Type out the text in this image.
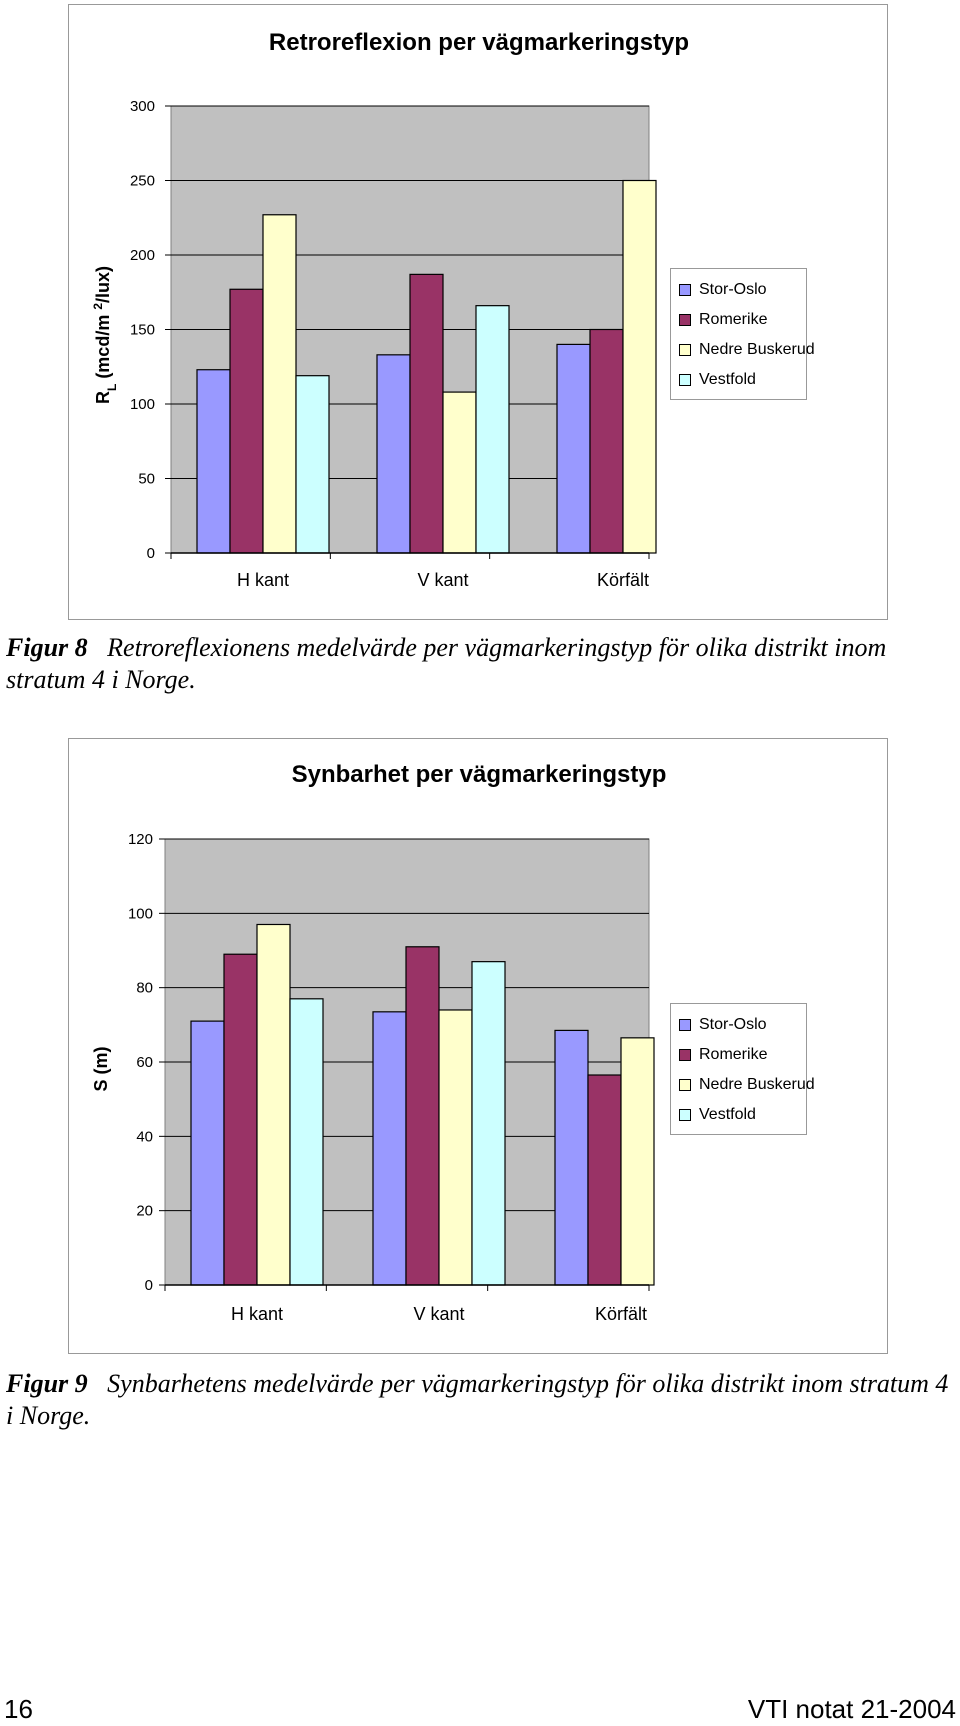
0
50
100
150
200
250
300
H kant	V kant	Körfält
$R_L$ (mcd/m $^2$/lux)
Retroreflexion per vägmarkeringstyp
Stor-Oslo
Romerike
Nedre Buskerud
Vestfold
Figur 8 Retroreflexionens medelvärde per vägmarkeringstyp för olika distrikt inom stratum 4 i Norge.
0
20
40
60
80
100
120
H kant	V kant	Körfält
S (m)
Synbarhet per vägmarkeringstyp
Stor-Oslo
Romerike
Nedre Buskerud
Vestfold
Figur 9 Synbarhetens medelvärde per vägmarkeringstyp för olika distrikt inom stratum 4 i Norge.
16	VTI notat 21-2004
